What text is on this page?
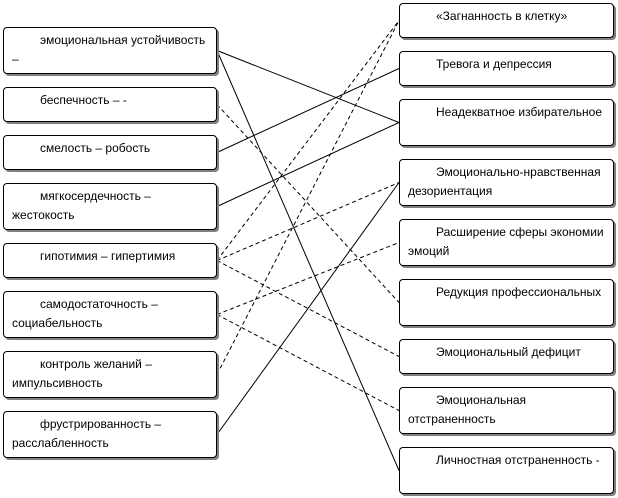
эмоциональная устойчивость –
беспечность – -
смелость – робость
мягкосердечность – жестокость
гипотимия – гипертимия
самодостаточность – социабельность
контроль желаний – импульсивность
фрустрированность – расслабленность
«Загнанность в клетку»
Тревога и депрессия
Неадекватное избирательное
Эмоционально-нравственная дезориентация
Расширение сферы экономии эмоций
Редукция профессиональных
Эмоциональный дефицит
Эмоциональная отстраненность
Личностная отстраненность -
